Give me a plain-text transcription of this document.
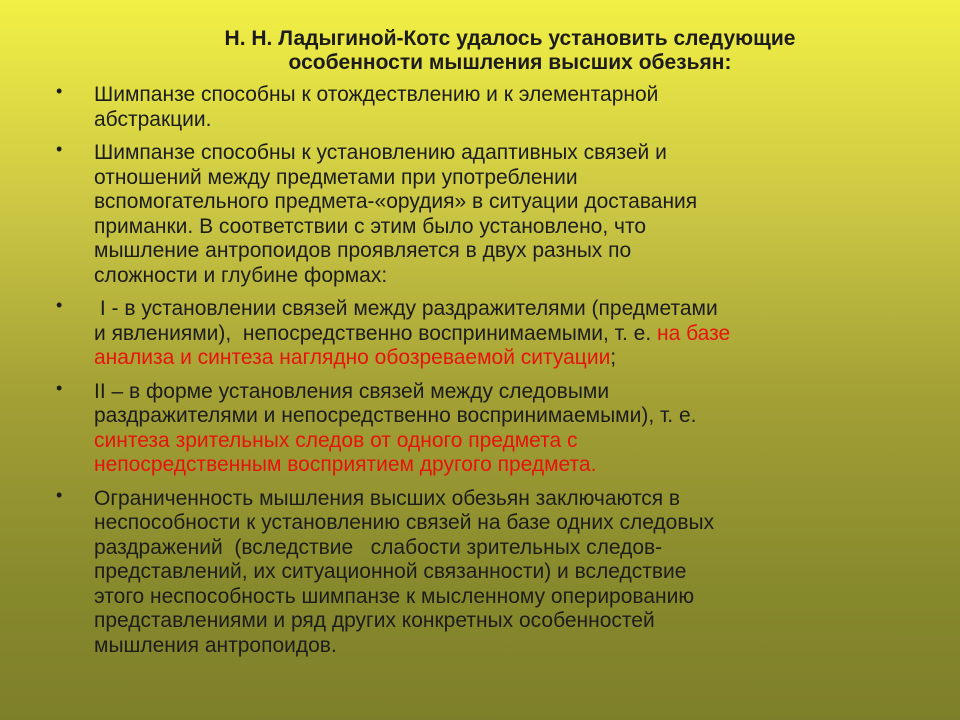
Н. Н. Ладыгиной-Котс удалось установить следующие
особенности мышления высших обезьян:
• Шимпанзе способны к отождествлению и к элементарной
абстракции.
• Шимпанзе способны к установлению адаптивных связей и
отношений между предметами при употреблении
вспомогательного предмета-«орудия» в ситуации доставания
приманки. В соответствии с этим было установлено, что
мышление антропоидов проявляется в двух разных по
сложности и глубине формах:
• I - в установлении связей между раздражителями (предметами
и явлениями),  непосредственно воспринимаемыми, т. е. на базе
анализа и синтеза наглядно обозреваемой ситуации;
• II – в форме установления связей между следовыми
раздражителями и непосредственно воспринимаемыми), т. е.
синтеза зрительных следов от одного предмета с
непосредственным восприятием другого предмета.
• Ограниченность мышления высших обезьян заключаются в
неспособности к установлению связей на базе одних следовых
раздражений  (вследствие   слабости зрительных следов-
представлений, их ситуационной связанности) и вследствие
этого неспособность шимпанзе к мысленному оперированию
представлениями и ряд других конкретных особенностей
мышления антропоидов.
